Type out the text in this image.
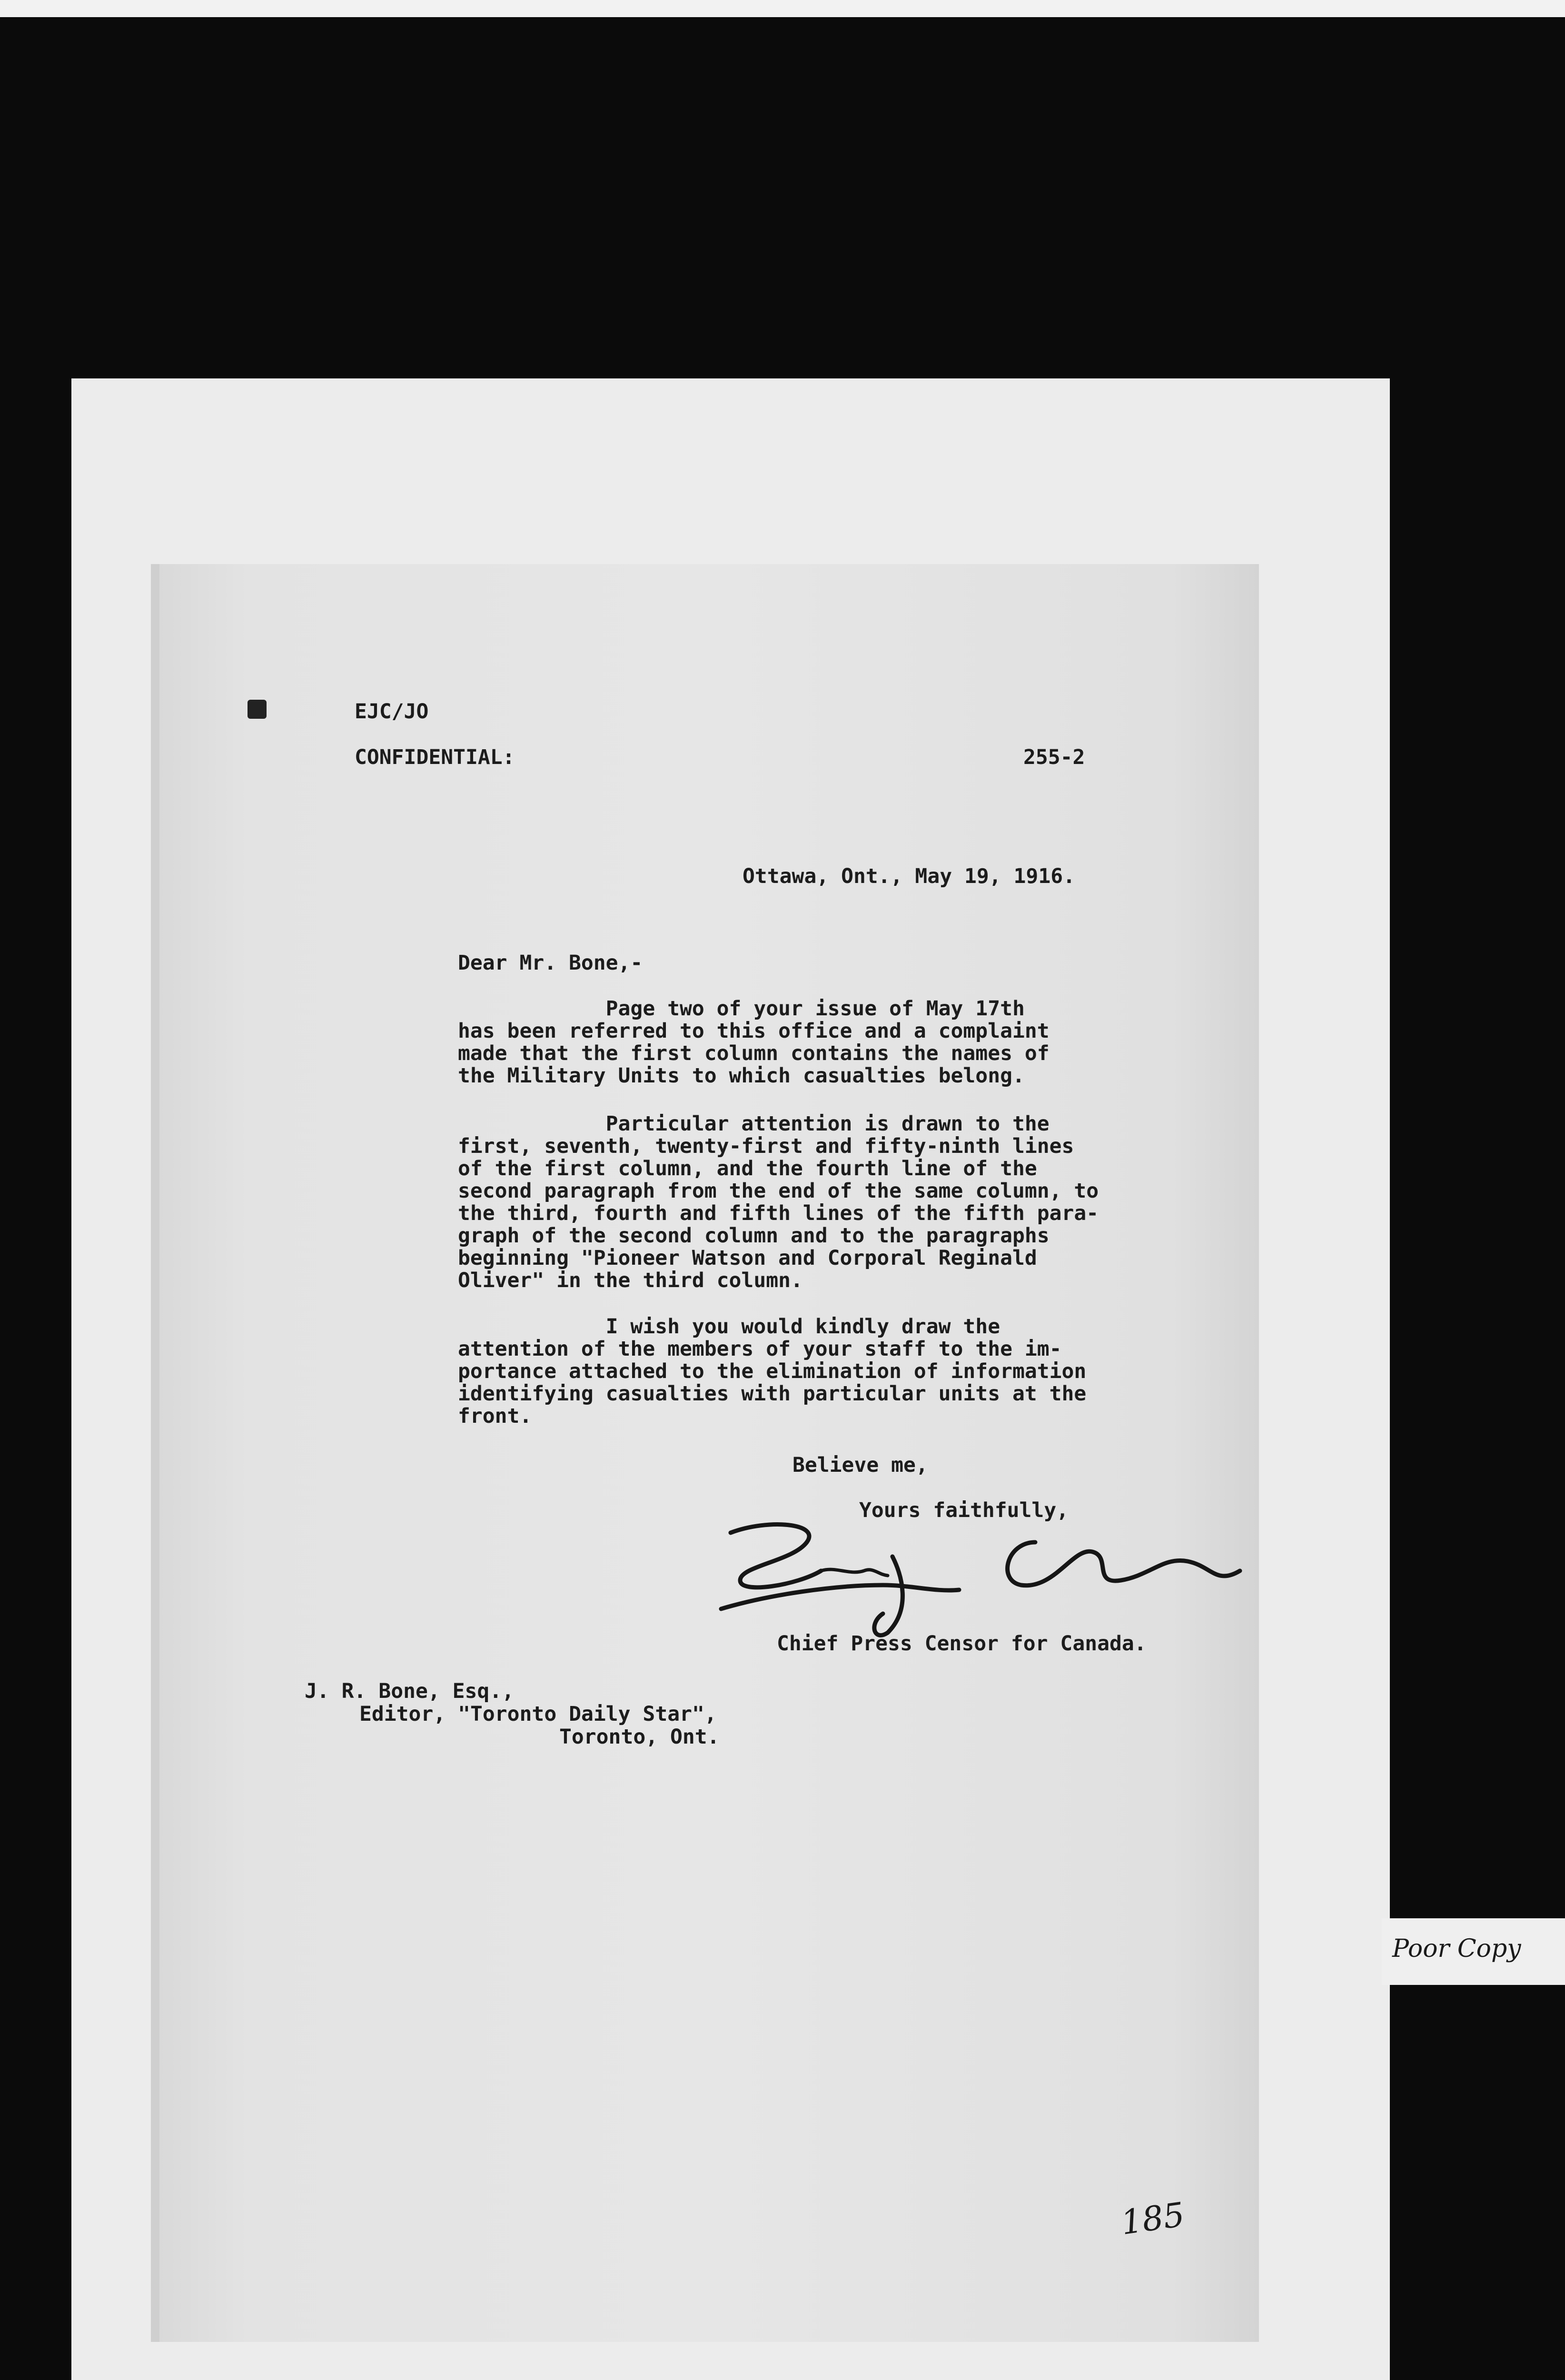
EJC/JO
CONFIDENTIAL:	255-2
Ottawa, Ont., May 19, 1916.
Dear Mr. Bone,-
Page two of your issue of May 17th
has been referred to this office and a complaint
made that the first column contains the names of
the Military Units to which casualties belong.
Particular attention is drawn to the
first, seventh, twenty-first and fifty-ninth lines
of the first column, and the fourth line of the
second paragraph from the end of the same column, to
the third, fourth and fifth lines of the fifth para-
graph of the second column and to the paragraphs
beginning "Pioneer Watson and Corporal Reginald
Oliver" in the third column.
I wish you would kindly draw the
attention of the members of your staff to the im-
portance attached to the elimination of information
identifying casualties with particular units at the
front.
Believe me,
Yours faithfully,
Chief Press Censor for Canada.
J. R. Bone, Esq.,
Editor, "Toronto Daily Star",
Toronto, Ont.
185
Poor Copy
